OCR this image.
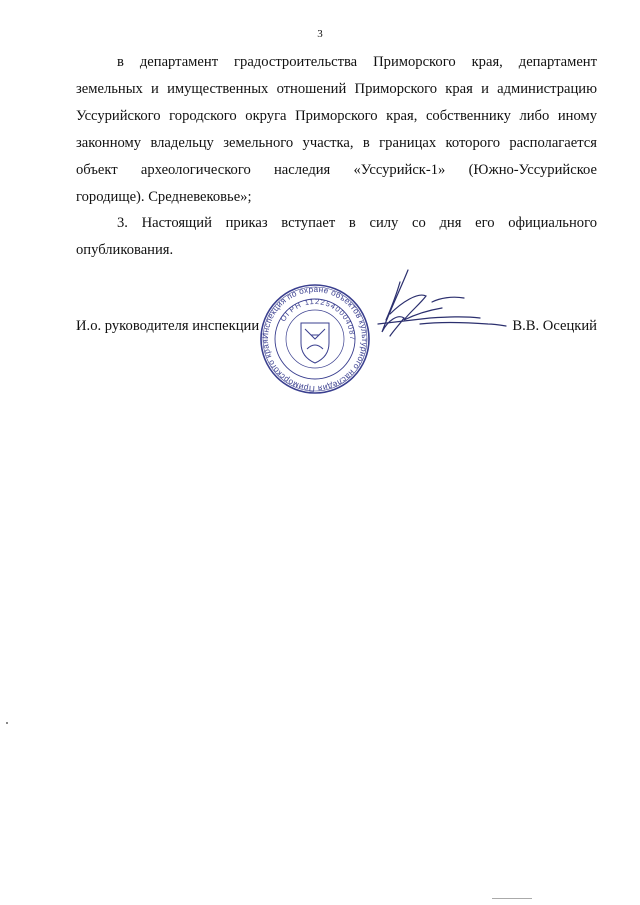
3
в департамент градостроительства Приморского края, департамент
земельных и имущественных отношений Приморского края и администрацию
Уссурийского городского округа Приморского края, собственнику либо иному
законному владельцу земельного участка, в границах которого располагается
объект археологического наследия «Уссурийск-1» (Южно-Уссурийское
городище). Средневековье»;
3. Настоящий приказ вступает в силу со дня его официального
опубликования.
И.о. руководителя инспекции	В.В. Осецкий
Инспекция по охране объектов культурного наследия Приморского края
ОГРН 1122540004087
